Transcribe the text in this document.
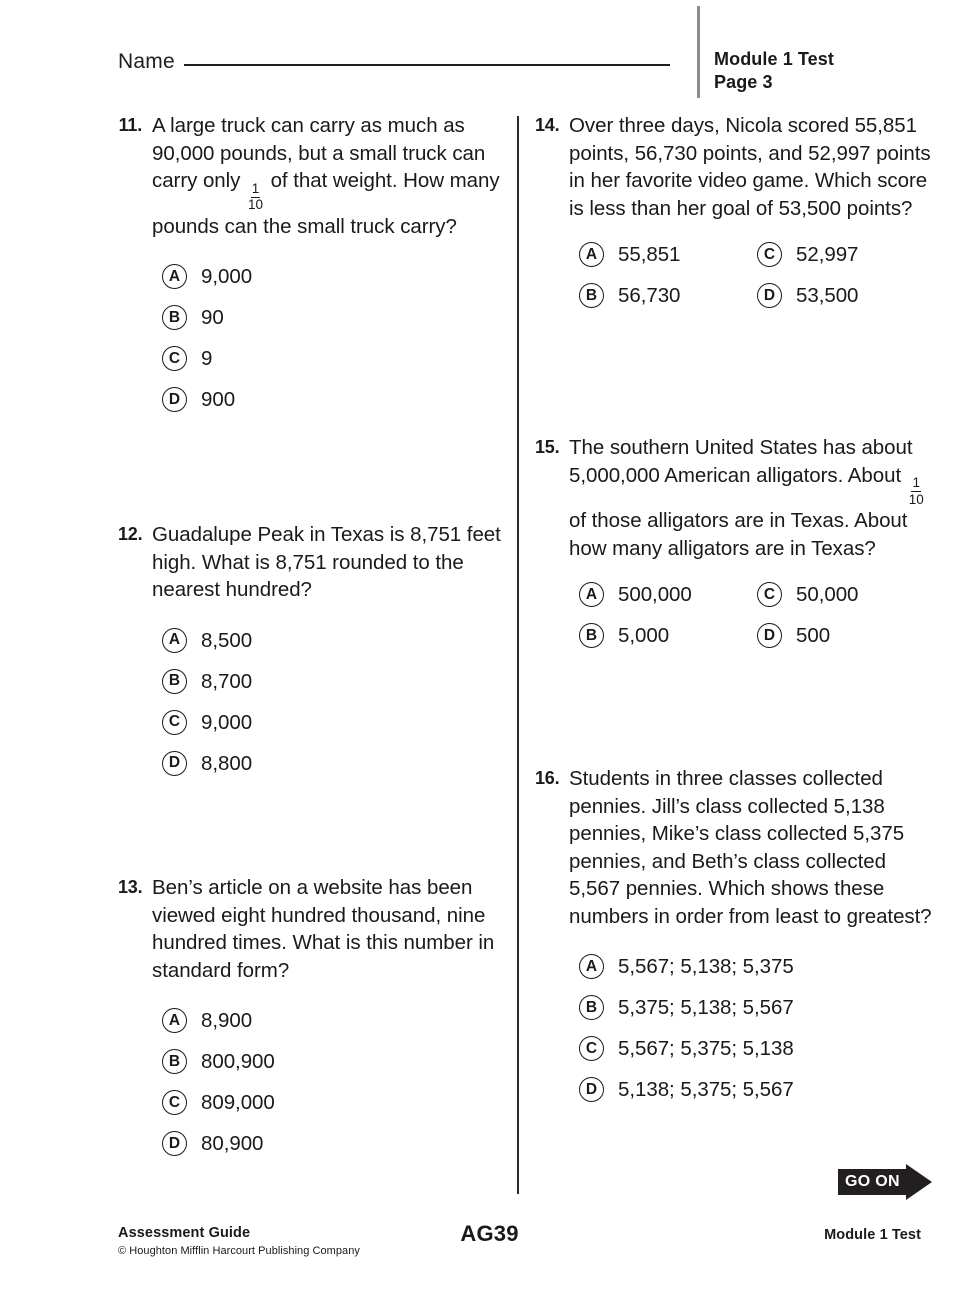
Name	Module 1 Test
Page 3
11. A large truck can carry as much as 90,000 pounds, but a small truck can carry only
$\frac{1}{10}$
of that weight. How many pounds can the small truck carry?
A	9,000
B	90
C	9
D	900
12. Guadalupe Peak in Texas is 8,751 feet high. What is 8,751 rounded to the nearest hundred?
A	8,500
B	8,700
C	9,000
D	8,800
13. Ben’s article on a website has been viewed eight hundred thousand, nine hundred times. What is this number in standard form?
A	8,900
B	800,900
C	809,000
D	80,900
14. Over three days, Nicola scored 55,851 points, 56,730 points, and 52,997 points in her favorite video game. Which score is less than her goal of 53,500 points?
A	55,851
B	56,730
C	52,997
D	53,500
15. The southern United States has about 5,000,000 American alligators. About
$\frac{1}{10}$
of those alligators are in Texas. About how many alligators are in Texas?
A	500,000
B	5,000
C	50,000
D	500
16. Students in three classes collected pennies. Jill’s class collected 5,138 pennies, Mike’s class collected 5,375 pennies, and Beth’s class collected 5,567 pennies. Which shows these numbers in order from least to greatest?
A	5,567; 5,138; 5,375
B	5,375; 5,138; 5,567
C	5,567; 5,375; 5,138
D	5,138; 5,375; 5,567
GO ON
Assessment Guide
© Houghton Mifflin Harcourt Publishing Company
AG39	Module 1 Test
